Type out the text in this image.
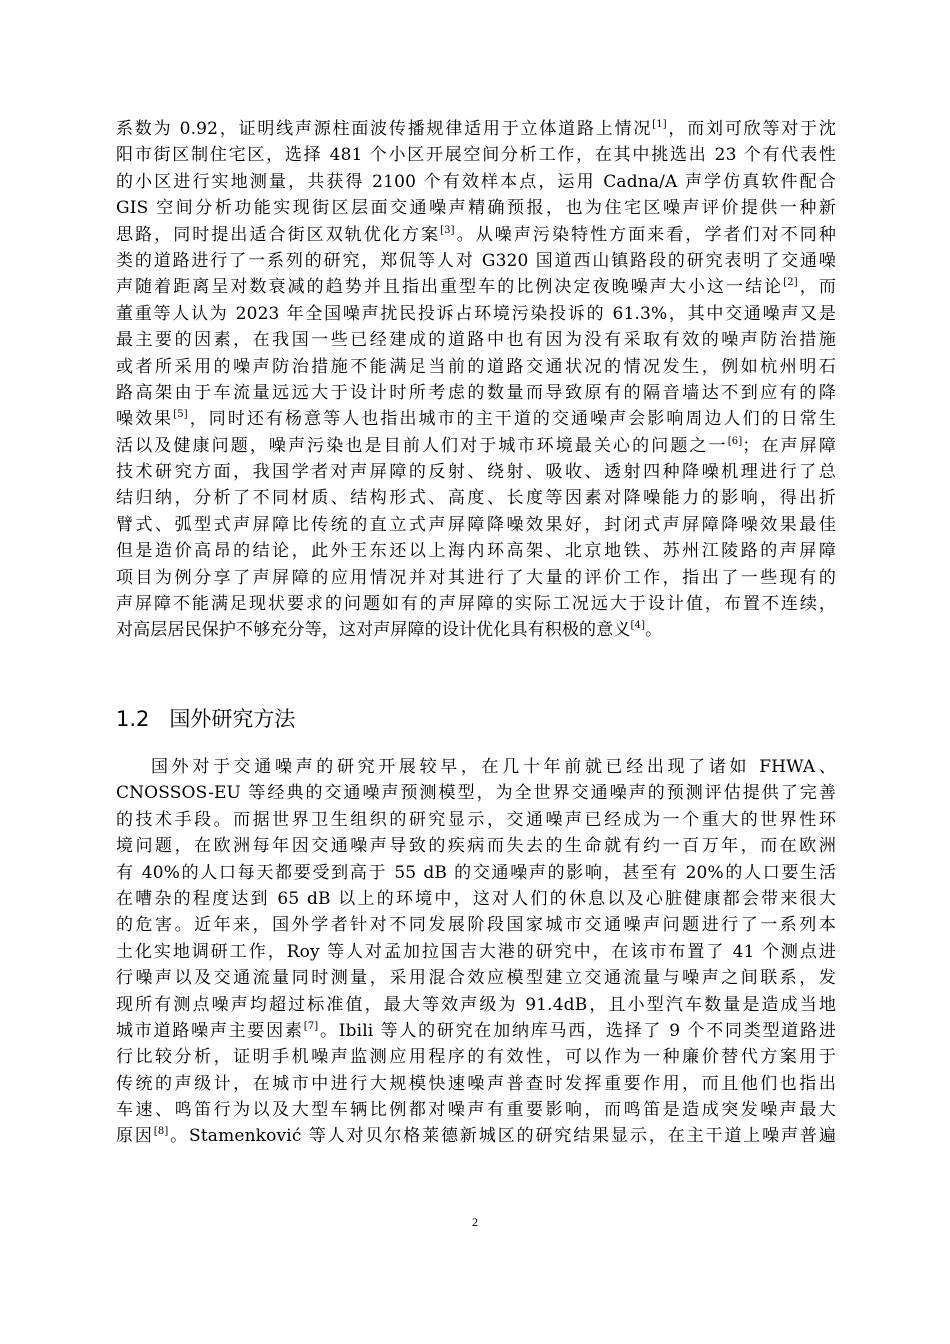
系数为 0.92，证明线声源柱面波传播规律适用于立体道路上情况[1]，而刘可欣等对于沈
阳市街区制住宅区，选择 481 个小区开展空间分析工作，在其中挑选出 23 个有代表性
的小区进行实地测量，共获得 2100 个有效样本点，运用 Cadna/A 声学仿真软件配合
GIS 空间分析功能实现街区层面交通噪声精确预报，也为住宅区噪声评价提供一种新
思路，同时提出适合街区双轨优化方案[3]。从噪声污染特性方面来看，学者们对不同种
类的道路进行了一系列的研究，郑侃等人对 G320 国道西山镇路段的研究表明了交通噪
声随着距离呈对数衰减的趋势并且指出重型车的比例决定夜晚噪声大小这一结论[2]，而
董重等人认为 2023 年全国噪声扰民投诉占环境污染投诉的 61.3%，其中交通噪声又是
最主要的因素，在我国一些已经建成的道路中也有因为没有采取有效的噪声防治措施
或者所采用的噪声防治措施不能满足当前的道路交通状况的情况发生，例如杭州明石
路高架由于车流量远远大于设计时所考虑的数量而导致原有的隔音墙达不到应有的降
噪效果[5]，同时还有杨意等人也指出城市的主干道的交通噪声会影响周边人们的日常生
活以及健康问题，噪声污染也是目前人们对于城市环境最关心的问题之一[6]；在声屏障
技术研究方面，我国学者对声屏障的反射、绕射、吸收、透射四种降噪机理进行了总
结归纳，分析了不同材质、结构形式、高度、长度等因素对降噪能力的影响，得出折
臂式、弧型式声屏障比传统的直立式声屏障降噪效果好，封闭式声屏障降噪效果最佳
但是造价高昂的结论，此外王东还以上海内环高架、北京地铁、苏州江陵路的声屏障
项目为例分享了声屏障的应用情况并对其进行了大量的评价工作，指出了一些现有的
声屏障不能满足现状要求的问题如有的声屏障的实际工况远大于设计值，布置不连续，
对高层居民保护不够充分等，这对声屏障的设计优化具有积极的意义[4]。
1.2 国外研究方法
国外对于交通噪声的研究开展较早，在几十年前就已经出现了诸如 FHWA、
CNOSSOS-EU 等经典的交通噪声预测模型，为全世界交通噪声的预测评估提供了完善
的技术手段。而据世界卫生组织的研究显示，交通噪声已经成为一个重大的世界性环
境问题，在欧洲每年因交通噪声导致的疾病而失去的生命就有约一百万年，而在欧洲
有 40%的人口每天都要受到高于 55 dB 的交通噪声的影响，甚至有 20%的人口要生活
在嘈杂的程度达到 65 dB 以上的环境中，这对人们的休息以及心脏健康都会带来很大
的危害。近年来，国外学者针对不同发展阶段国家城市交通噪声问题进行了一系列本
土化实地调研工作，Roy 等人对孟加拉国吉大港的研究中，在该市布置了 41 个测点进
行噪声以及交通流量同时测量，采用混合效应模型建立交通流量与噪声之间联系，发
现所有测点噪声均超过标准值，最大等效声级为 91.4dB，且小型汽车数量是造成当地
城市道路噪声主要因素[7]。Ibili 等人的研究在加纳库马西，选择了 9 个不同类型道路进
行比较分析，证明手机噪声监测应用程序的有效性，可以作为一种廉价替代方案用于
传统的声级计，在城市中进行大规模快速噪声普查时发挥重要作用，而且他们也指出
车速、鸣笛行为以及大型车辆比例都对噪声有重要影响，而鸣笛是造成突发噪声最大
原因[8]。Stamenković 等人对贝尔格莱德新城区的研究结果显示，在主干道上噪声普遍
2
